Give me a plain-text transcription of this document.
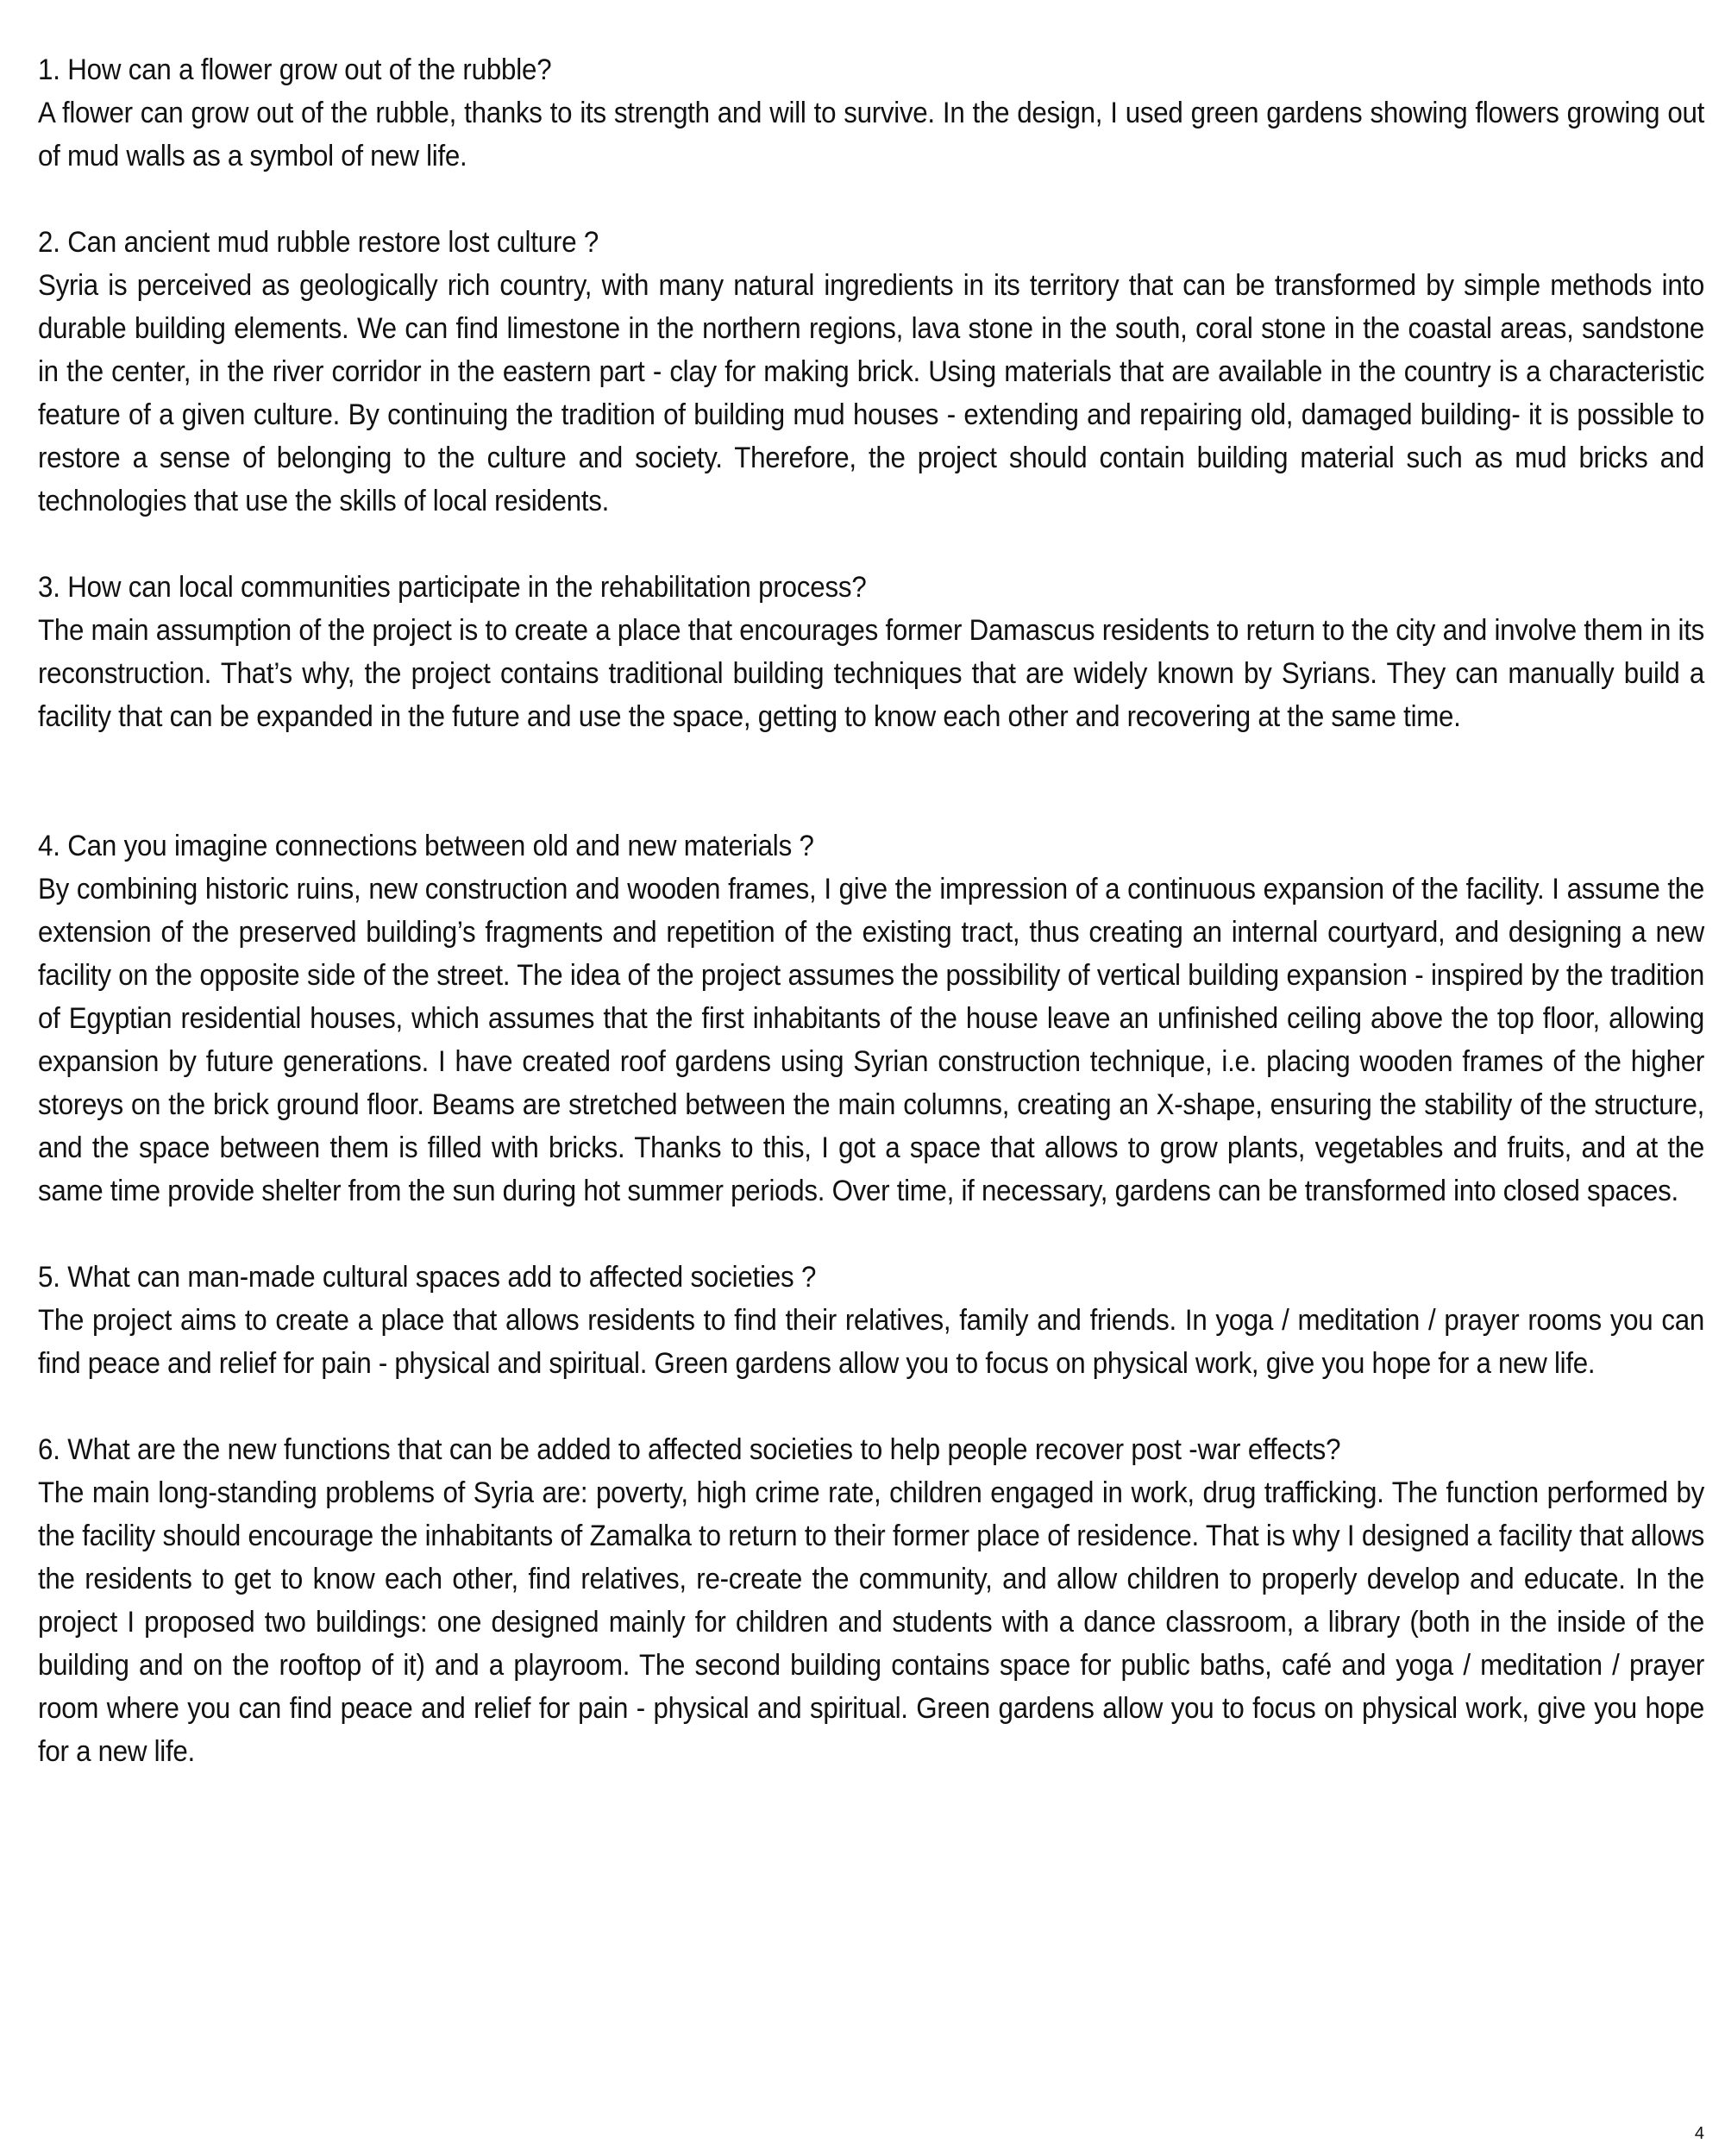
1. How can a flower grow out of the rubble?

A flower can grow out of the rubble, thanks to its strength and will to survive. In the design, I used green gardens showing flowers growing out of mud walls as a symbol of new life.

2. Can ancient mud rubble restore lost culture ?

Syria is perceived as geologically rich country, with many natural ingredients in its territory that can be transformed by simple methods into durable building elements. We can find limestone in the northern regions, lava stone in the south, coral stone in the coastal areas, sandstone in the center, in the river corridor in the eastern part - clay for making brick. Using materials that are available in the country is a characteristic feature of a given culture. By continuing the tradition of building mud houses - extending and repairing old, damaged building- it is possible to restore a sense of belonging to the culture and society. Therefore, the project should contain building material such as mud bricks and technologies that use the skills of local residents.

3. How can local communities participate in the rehabilitation process?

The main assumption of the project is to create a place that encourages former Damascus residents to return to the city and involve them in its reconstruction. That’s why, the project contains traditional building techniques that are widely known by Syrians. They can manually build a facility that can be expanded in the future and use the space, getting to know each other and recovering at the same time.

4. Can you imagine connections between old and new materials ?

By combining historic ruins, new construction and wooden frames, I give the impression of a continuous expansion of the facility. I assume the extension of the preserved building’s fragments and repetition of the existing tract, thus creating an internal courtyard, and designing a new facility on the opposite side of the street. The idea of the project assumes the possibility of vertical building expansion - inspired by the tradition of Egyptian residential houses, which assumes that the first inhabitants of the house leave an unfinished ceiling above the top floor, allowing expansion by future generations. I have created roof gardens using Syrian construction technique, i.e. placing wooden frames of the higher storeys on the brick ground floor. Beams are stretched between the main columns, creating an X-shape, ensuring the stability of the structure, and the space between them is filled with bricks. Thanks to this, I got a space that allows to grow plants, vegetables and fruits, and at the same time provide shelter from the sun during hot summer periods. Over time, if necessary, gardens can be transformed into closed spaces.

5. What can man-made cultural spaces add to affected societies ?

The project aims to create a place that allows residents to find their relatives, family and friends. In yoga / meditation / prayer rooms you can find peace and relief for pain - physical and spiritual. Green gardens allow you to focus on physical work, give you hope for a new life.

6. What are the new functions that can be added to affected societies to help people recover post -war effects?

The main long-standing problems of Syria are: poverty, high crime rate, children engaged in work, drug trafficking. The function performed by the facility should encourage the inhabitants of Zamalka to return to their former place of residence. That is why I designed a facility that allows the residents to get to know each other, find relatives, re-create the community, and allow children to properly develop and educate. In the project I proposed two buildings: one designed mainly for children and students with a dance classroom, a library (both in the inside of the building and on the rooftop of it) and a playroom. The second building contains space for public baths, café and yoga / meditation / prayer room where you can find peace and relief for pain - physical and spiritual. Green gardens allow you to focus on physical work, give you hope for a new life.

4
